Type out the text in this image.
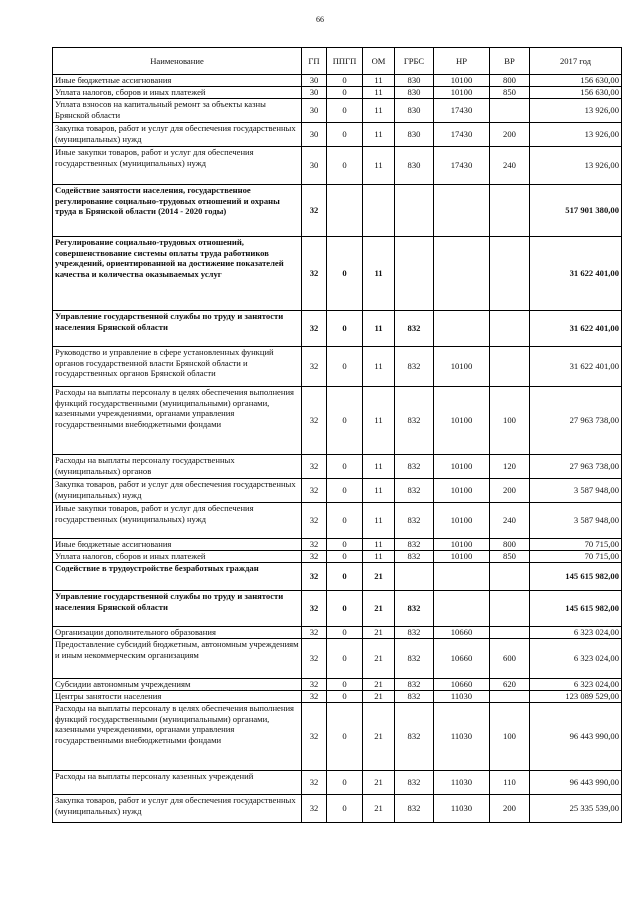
66
Наименование	ГП	ППГП	ОМ	ГРБС	НР	ВР	2017 год
Иные бюджетные ассигнования	30	0	11	830	10100	800	156 630,00
Уплата налогов, сборов и иных платежей	30	0	11	830	10100	850	156 630,00
Уплата взносов на капитальный ремонт за объекты казны Брянской области	30	0	11	830	17430		13 926,00
Закупка товаров, работ и услуг для обеспечения государственных (муниципальных) нужд	30	0	11	830	17430	200	13 926,00
Иные закупки товаров, работ и услуг для обеспечения государственных (муниципальных) нужд	30	0	11	830	17430	240	13 926,00
Содействие занятости населения, государственное регулирование социально-трудовых отношений и охраны труда в Брянской области (2014 - 2020 годы)	32						517 901 380,00
Регулирование социально-трудовых отношений, совершенствование системы оплаты труда работников учреждений, ориентированной на достижение показателей качества и количества оказываемых услуг	32	0	11				31 622 401,00
Управление государственной службы по труду и занятости населения Брянской области	32	0	11	832			31 622 401,00
Руководство и управление в сфере установленных функций органов государственной власти Брянской области и государственных органов Брянской области	32	0	11	832	10100		31 622 401,00
Расходы на выплаты персоналу в целях обеспечения выполнения функций государственными (муниципальными) органами, казенными учреждениями, органами управления государственными внебюджетными фондами	32	0	11	832	10100	100	27 963 738,00
Расходы на выплаты персоналу государственных (муниципальных) органов	32	0	11	832	10100	120	27 963 738,00
Закупка товаров, работ и услуг для обеспечения государственных (муниципальных) нужд	32	0	11	832	10100	200	3 587 948,00
Иные закупки товаров, работ и услуг для обеспечения государственных (муниципальных) нужд	32	0	11	832	10100	240	3 587 948,00
Иные бюджетные ассигнования	32	0	11	832	10100	800	70 715,00
Уплата налогов, сборов и иных платежей	32	0	11	832	10100	850	70 715,00
Содействие в трудоустройстве безработных граждан	32	0	21				145 615 982,00
Управление государственной службы по труду и занятости населения Брянской области	32	0	21	832			145 615 982,00
Организации дополнительного образования	32	0	21	832	10660		6 323 024,00
Предоставление субсидий бюджетным, автономным учреждениям и иным некоммерческим организациям	32	0	21	832	10660	600	6 323 024,00
Субсидии автономным учреждениям	32	0	21	832	10660	620	6 323 024,00
Центры занятости населения	32	0	21	832	11030		123 089 529,00
Расходы на выплаты персоналу в целях обеспечения выполнения функций государственными (муниципальными) органами, казенными учреждениями, органами управления государственными внебюджетными фондами	32	0	21	832	11030	100	96 443 990,00
Расходы на выплаты персоналу казенных учреждений	32	0	21	832	11030	110	96 443 990,00
Закупка товаров, работ и услуг для обеспечения государственных (муниципальных) нужд	32	0	21	832	11030	200	25 335 539,00
